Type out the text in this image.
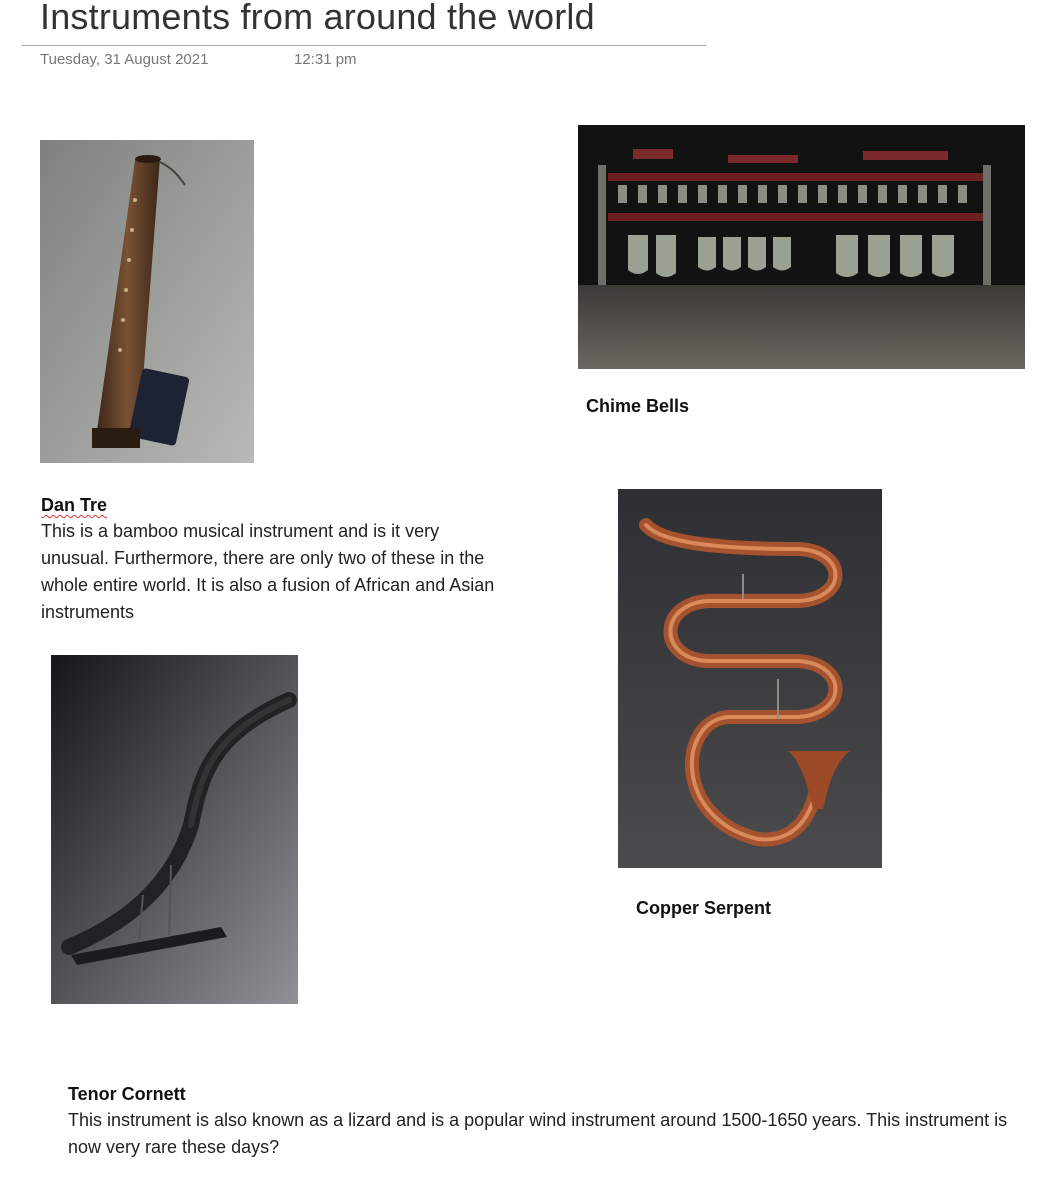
Instruments from around the world
Tuesday, 31 August 2021	12:31 pm
Chime Bells
Dan Tre
This is a bamboo musical instrument and is it very unusual. Furthermore, there are only two of these in the whole entire world. It is also a fusion of African and Asian instruments
Copper Serpent
Tenor Cornett
This instrument is also known as a lizard and is a popular wind instrument around 1500-1650 years. This instrument is now very rare these days?
